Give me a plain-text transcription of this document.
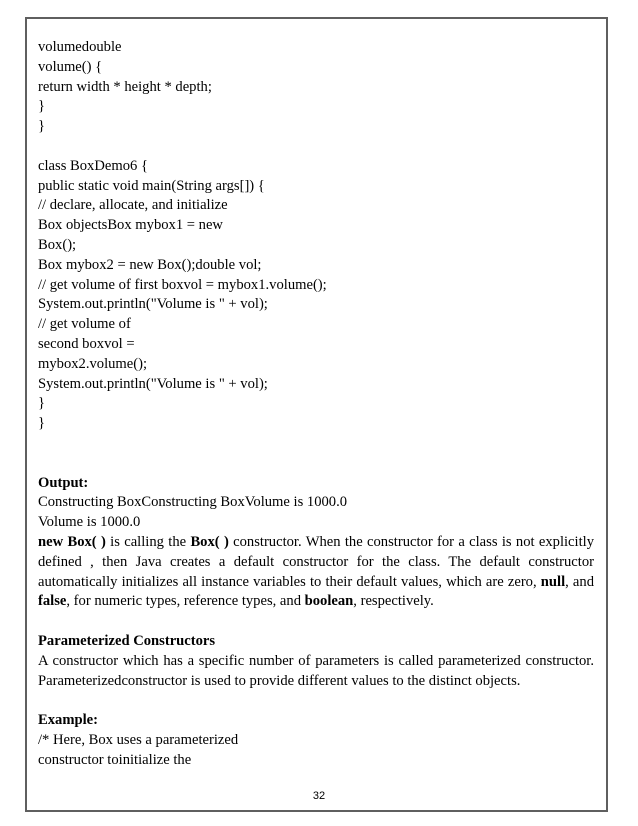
volumedouble
volume() {
return width * height * depth;
}
}
class BoxDemo6 {
public static void main(String args[]) {
// declare, allocate, and initialize
Box objectsBox mybox1 = new
Box();
Box mybox2 = new Box();double vol;
// get volume of first boxvol = mybox1.volume();
System.out.println("Volume is " + vol);
// get volume of
second boxvol =
mybox2.volume();
System.out.println("Volume is " + vol);
}
}
Output:
Constructing BoxConstructing BoxVolume is 1000.0
Volume is 1000.0
new Box( ) is calling the Box( ) constructor. When the constructor for a class is not explicitly defined , then Java creates a default constructor for the class. The default constructor automatically initializes all instance variables to their default values, which are zero, null, and false, for numeric types, reference types, and boolean, respectively.
Parameterized Constructors
A constructor which has a specific number of parameters is called parameterized constructor. Parameterizedconstructor is used to provide different values to the distinct objects.
Example:
/* Here, Box uses a parameterized
constructor toinitialize the
32
